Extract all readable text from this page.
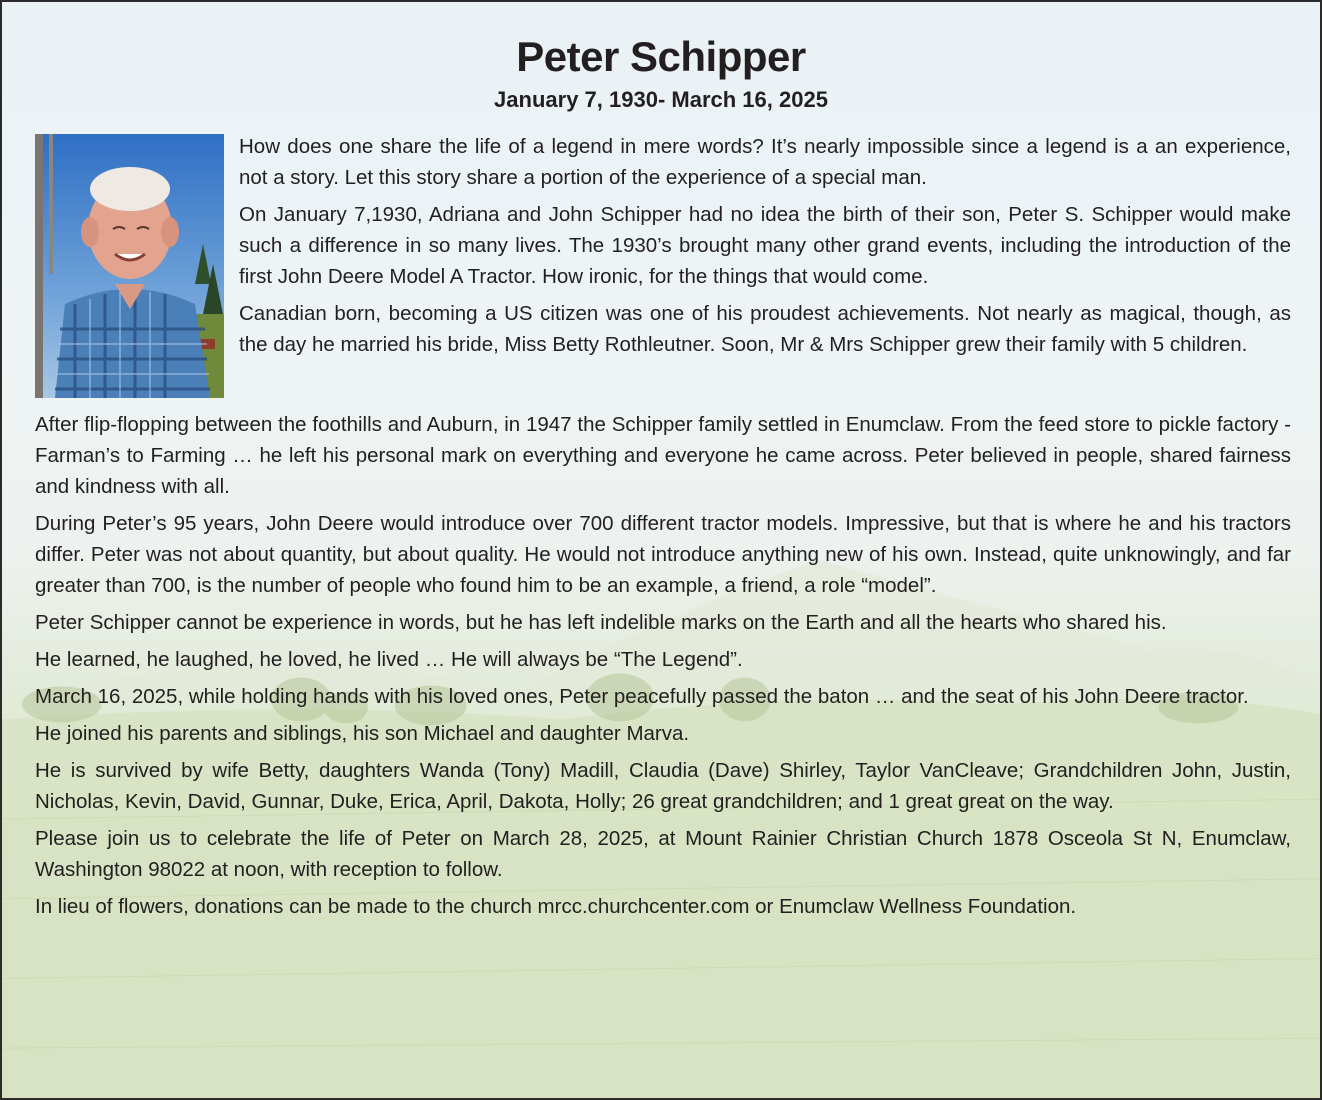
Peter Schipper
January 7, 1930- March 16, 2025

How does one share the life of a legend in mere words? It’s nearly impossible since a legend is a an experience, not a story. Let this story share a portion of the experience of a special man.

On January 7,1930, Adriana and John Schipper had no idea the birth of their son, Peter S. Schipper would make such a difference in so many lives. The 1930’s brought many other grand events, including the introduction of the first John Deere Model A Tractor. How ironic, for the things that would come.

Canadian born, becoming a US citizen was one of his proudest achievements. Not nearly as magical, though, as the day he married his bride, Miss Betty Rothleutner. Soon, Mr & Mrs Schipper grew their family with 5 children.

After flip-flopping between the foothills and Auburn, in 1947 the Schipper family settled in Enumclaw. From the feed store to pickle factory - Farman’s to Farming … he left his personal mark on everything and everyone he came across. Peter believed in people, shared fairness and kindness with all.

During Peter’s 95 years, John Deere would introduce over 700 different tractor models. Impressive, but that is where he and his tractors differ. Peter was not about quantity, but about quality. He would not introduce anything new of his own. Instead, quite unknowingly, and far greater than 700, is the number of people who found him to be an example, a friend, a role “model”.

Peter Schipper cannot be experience in words, but he has left indelible marks on the Earth and all the hearts who shared his.

He learned, he laughed, he loved, he lived … He will always be “The Legend”.

March 16, 2025, while holding hands with his loved ones, Peter peacefully passed the baton … and the seat of his John Deere tractor.

He joined his parents and siblings, his son Michael and daughter Marva.

He is survived by wife Betty, daughters Wanda (Tony) Madill, Claudia (Dave) Shirley, Taylor VanCleave; Grandchildren John, Justin, Nicholas, Kevin, David, Gunnar, Duke, Erica, April, Dakota, Holly; 26 great grandchildren; and 1 great great on the way.

Please join us to celebrate the life of Peter on March 28, 2025, at Mount Rainier Christian Church 1878 Osceola St N, Enumclaw, Washington 98022 at noon, with reception to follow.

In lieu of flowers, donations can be made to the church mrcc.churchcenter.com or Enumclaw Wellness Foundation.
